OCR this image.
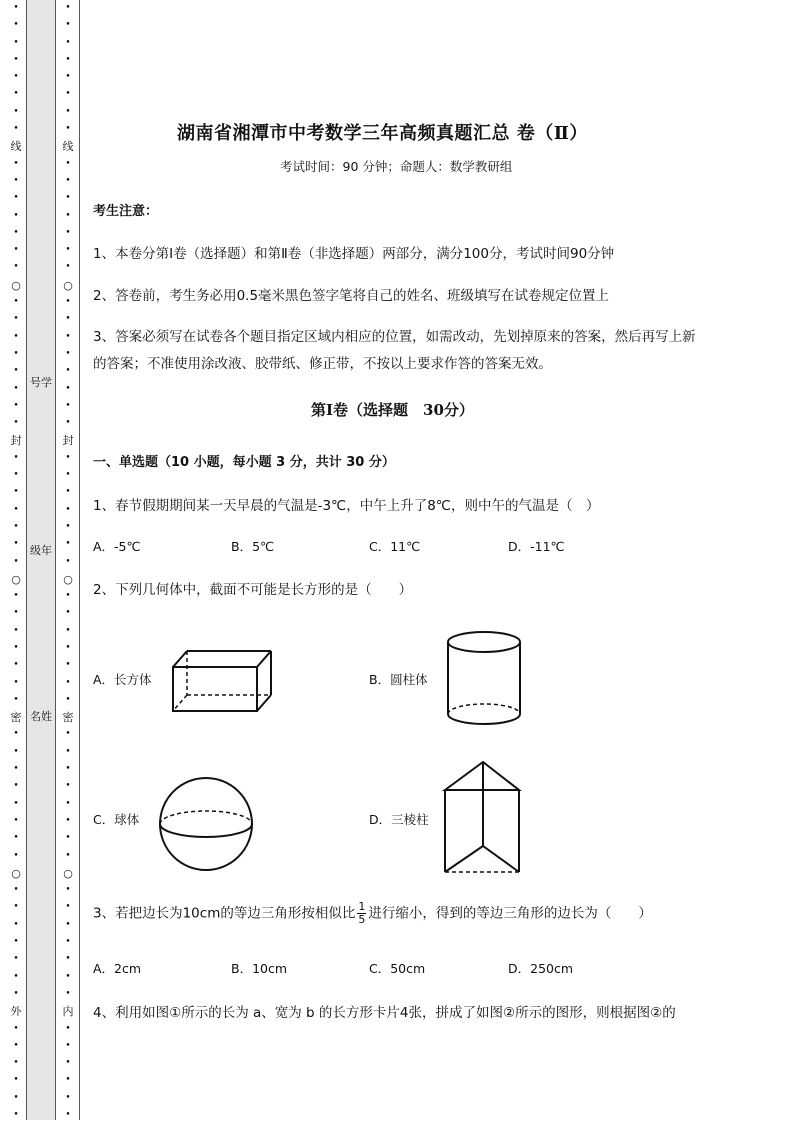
•
•
•
•
•
•
•
•
线
•
•
•
•
•
•
•
○
•
•
•
•
•
•
•
•
封
•
•
•
•
•
•
•
○
•
•
•
•
•
•
•
密
•
•
•
•
•
•
•
•
○
•
•
•
•
•
•
•
外
•
•
•
•
•
•
号学
级年
名姓
•
•
•
•
•
•
•
•
线
•
•
•
•
•
•
•
○
•
•
•
•
•
•
•
•
封
•
•
•
•
•
•
•
○
•
•
•
•
•
•
•
密
•
•
•
•
•
•
•
•
○
•
•
•
•
•
•
•
内
•
•
•
•
•
•
湖南省湘潭市中考数学三年高频真题汇总 卷（Ⅱ）
考试时间：90 分钟；命题人：数学教研组
考生注意：
1、本卷分第I卷（选择题）和第Ⅱ卷（非选择题）两部分，满分100分，考试时间90分钟
2、答卷前，考生务必用0.5毫米黑色签字笔将自己的姓名、班级填写在试卷规定位置上
3、答案必须写在试卷各个题目指定区域内相应的位置，如需改动，先划掉原来的答案，然后再写上新
的答案；不准使用涂改液、胶带纸、修正带，不按以上要求作答的答案无效。
第I卷（选择题　30分）
一、单选题（10 小题，每小题 3 分，共计 30 分）
1、春节假期期间某一天早晨的气温是-3℃，中午上升了8℃，则中午的气温是（　）
A．-5℃	B．5℃	C．11℃	D．-11℃
2、下列几何体中，截面不可能是长方形的是（　　）
A．长方体	B．圆柱体
C．球体	D．三棱柱
3、若把边长为10cm的等边三角形按相似比 $\frac{1}{5}$ 进行缩小，得到的等边三角形的边长为（　　）
A．2cm	B．10cm	C．50cm	D．250cm
4、利用如图①所示的长为 a、宽为 b 的长方形卡片4张，拼成了如图②所示的图形，则根据图②的
